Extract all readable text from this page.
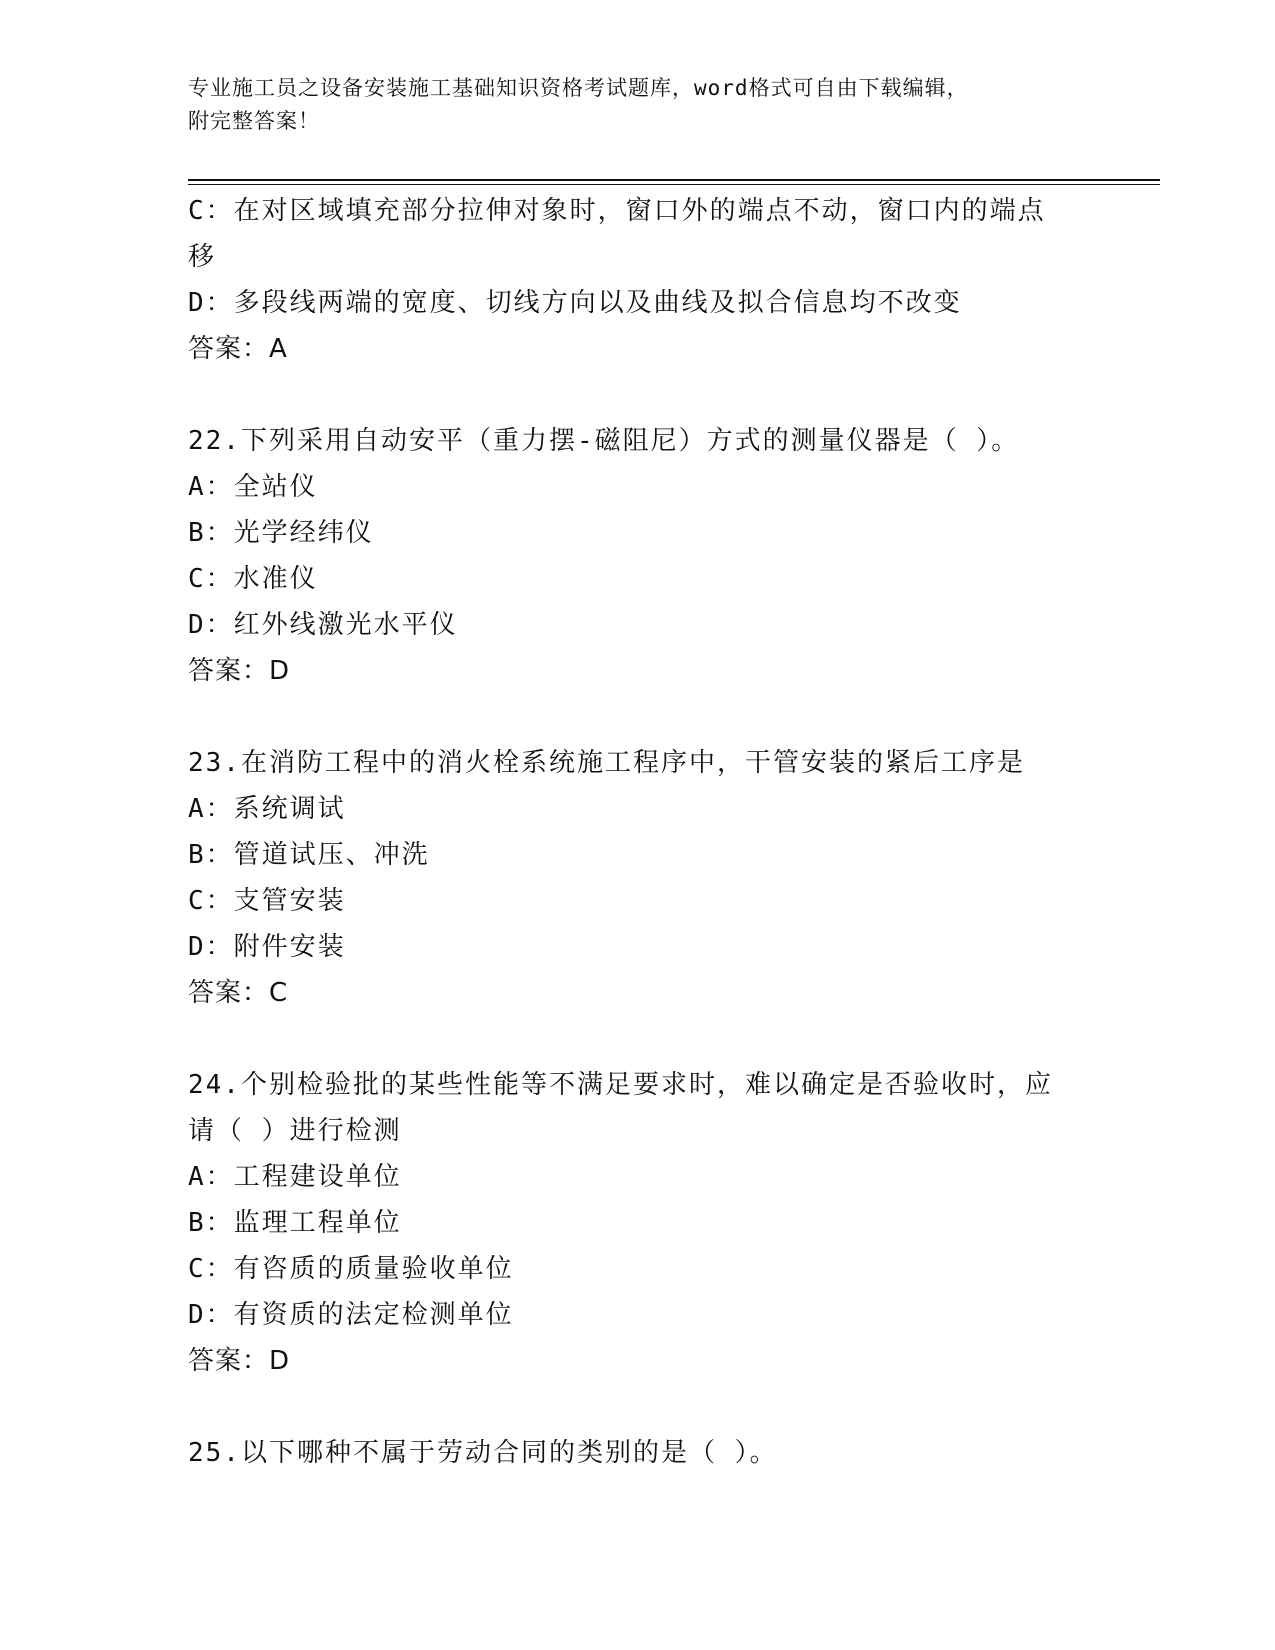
专业施工员之设备安装施工基础知识资格考试题库，word格式可自由下载编辑，
附完整答案！
C：在对区域填充部分拉伸对象时，窗口外的端点不动，窗口内的端点
移
D：多段线两端的宽度、切线方向以及曲线及拟合信息均不改变
答案：A
22.下列采用自动安平（重力摆-磁阻尼）方式的测量仪器是（ ）。
A：全站仪
B：光学经纬仪
C：水准仪
D：红外线激光水平仪
答案：D
23.在消防工程中的消火栓系统施工程序中，干管安装的紧后工序是
A：系统调试
B：管道试压、冲洗
C：支管安装
D：附件安装
答案：C
24.个别检验批的某些性能等不满足要求时，难以确定是否验收时，应
请（ ）进行检测
A：工程建设单位
B：监理工程单位
C：有咨质的质量验收单位
D：有资质的法定检测单位
答案：D
25.以下哪种不属于劳动合同的类别的是（ ）。
